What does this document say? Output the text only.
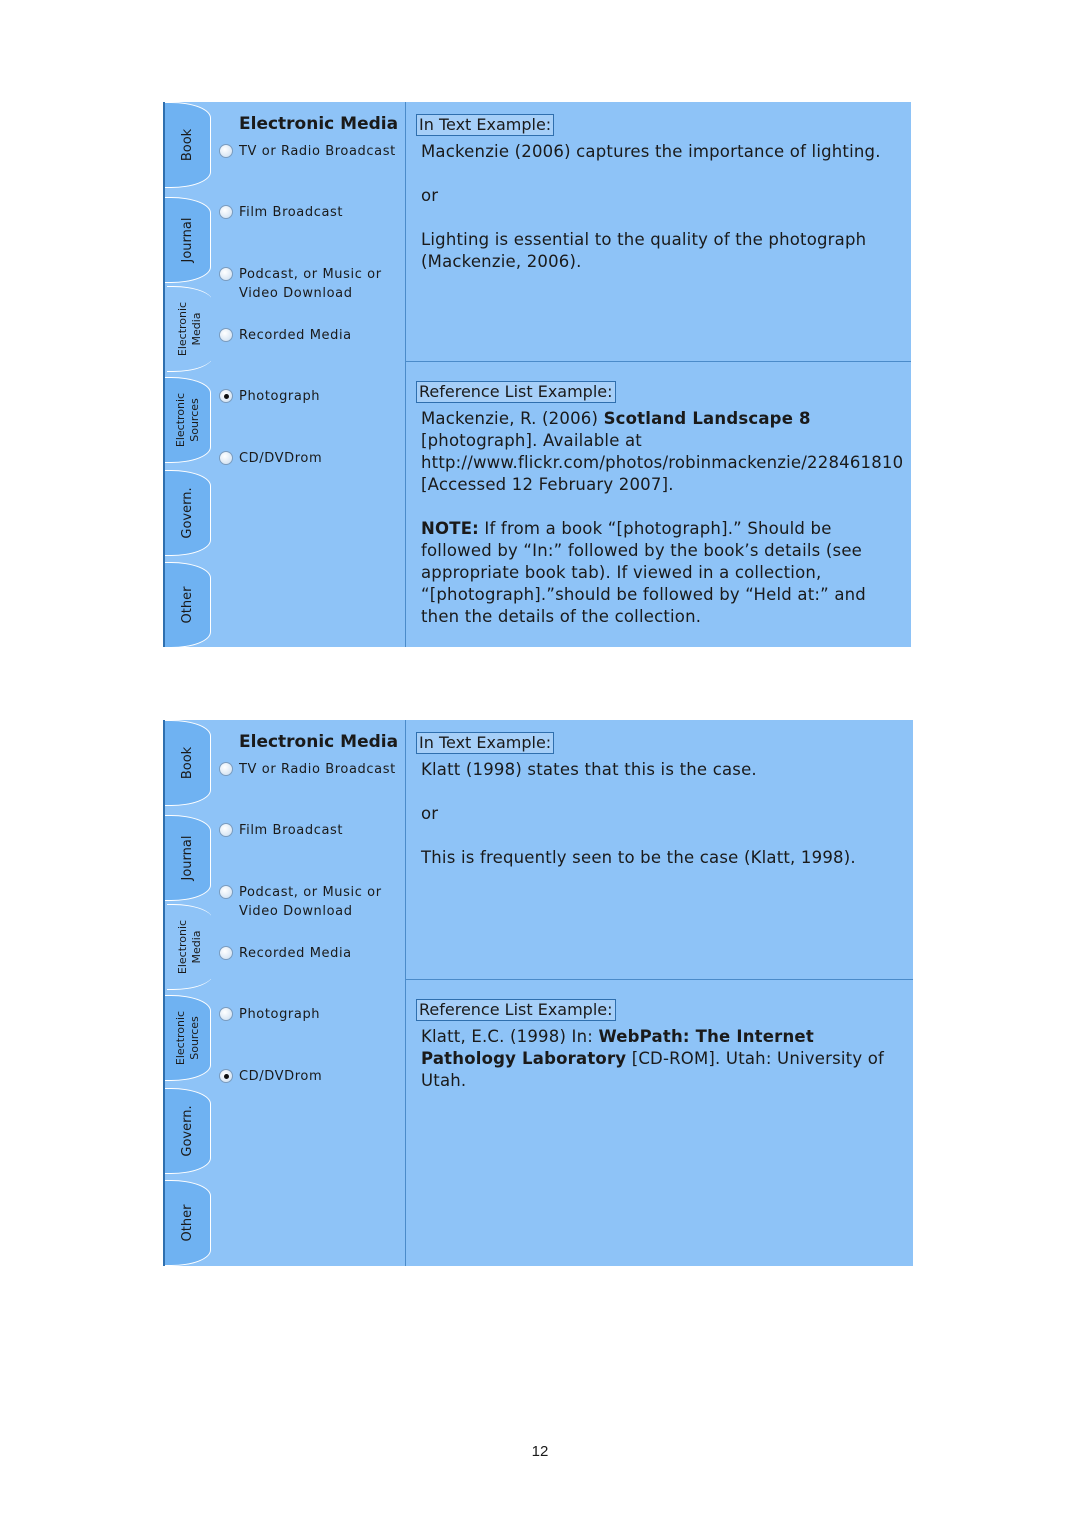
Book
Journal
Electronic
Media
Electronic
Sources
Govern.
Other
Electronic Media
TV or Radio Broadcast
Film Broadcast
Podcast, or Music or Video Download
Recorded Media
Photograph
CD/DVDrom
In Text Example:

Mackenzie (2006) captures the importance of lighting.

or

Lighting is essential to the quality of the photograph (Mackenzie, 2006).

Reference List Example:

Mackenzie, R. (2006) Scotland Landscape 8 [photograph]. Available at http://www.flickr.com/photos/robinmackenzie/228461810 [Accessed 12 February 2007].

NOTE: If from a book “[photograph].” Should be followed by “In:” followed by the book’s details (see appropriate book tab). If viewed in a collection, “[photograph].”should be followed by “Held at:” and then the details of the collection.

Book
Journal
Electronic
Media
Electronic
Sources
Govern.
Other
Electronic Media
TV or Radio Broadcast
Film Broadcast
Podcast, or Music or Video Download
Recorded Media
Photograph
CD/DVDrom
In Text Example:

Klatt (1998) states that this is the case.

or

This is frequently seen to be the case (Klatt, 1998).

Reference List Example:

Klatt, E.C. (1998) In: WebPath: The Internet Pathology Laboratory [CD-ROM]. Utah: University of Utah.

12
